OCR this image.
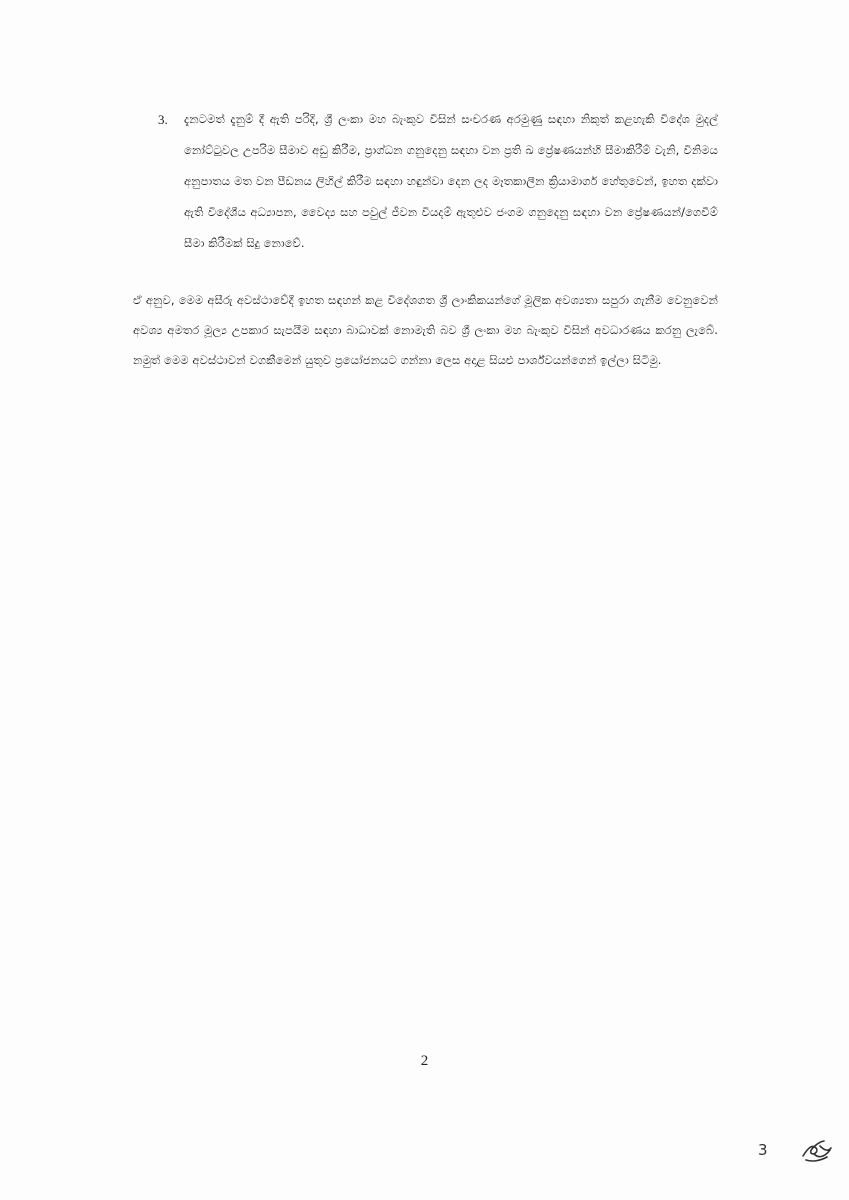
3.	දැනටමත් දැනුම් දී ඇති පරිදි, ශ්‍රී ලංකා මහ බැංකුව විසින් සංචරණ අරමුණු සඳහා නිකුත් කළහැකි විදේශ මුදල් නෝට්ටුවල උපරිම සීමාව අඩු කිරීම, ප්‍රාග්ධන ගනුදෙනු සඳහා වන ප්‍රති ඛ ප්‍රේෂණයන්හි සීමාකිරීම් වැනි, විනිමය අනුපාතය මත වන පීඩනය ලිහිල් කිරීම සඳහා හඳුන්වා දෙන ලද මෑතකාලීන ක්‍රියාමාර්ග හේතුවෙන්, ඉහත දක්වා ඇති විදේශීය අධ්‍යාපන, වෛද්‍ය සහ පවුල් ජීවන වියදම් ඇතුළුව ජංගම ගනුදෙනු සඳහා වන ප්‍රේෂණයන්/ගෙවීම් සීමා කිරීමක් සිදු නොවේ.
ඒ අනුව, මෙම අසීරු අවස්ථාවේදී ඉහත සඳහන් කළ විදේශගත ශ්‍රී ලාංකිකයන්ගේ මූලික අවශ්‍යතා සපුරා ගැනීම වෙනුවෙන් අවශ්‍ය අමතර මූල්‍ය උපකාර සැපයීම සඳහා බාධාවක් නොමැති බව ශ්‍රී ලංකා මහ බැංකුව විසින් අවධාරණය කරනු ලැබේ. නමුත් මෙම අවස්ථාවන් වගකීමෙන් යුතුව ප්‍රයෝජනයට ගන්නා ලෙස අදාළ සියළු පාර්ශ්වයන්ගෙන් ඉල්ලා සිටිමු.
2
3
